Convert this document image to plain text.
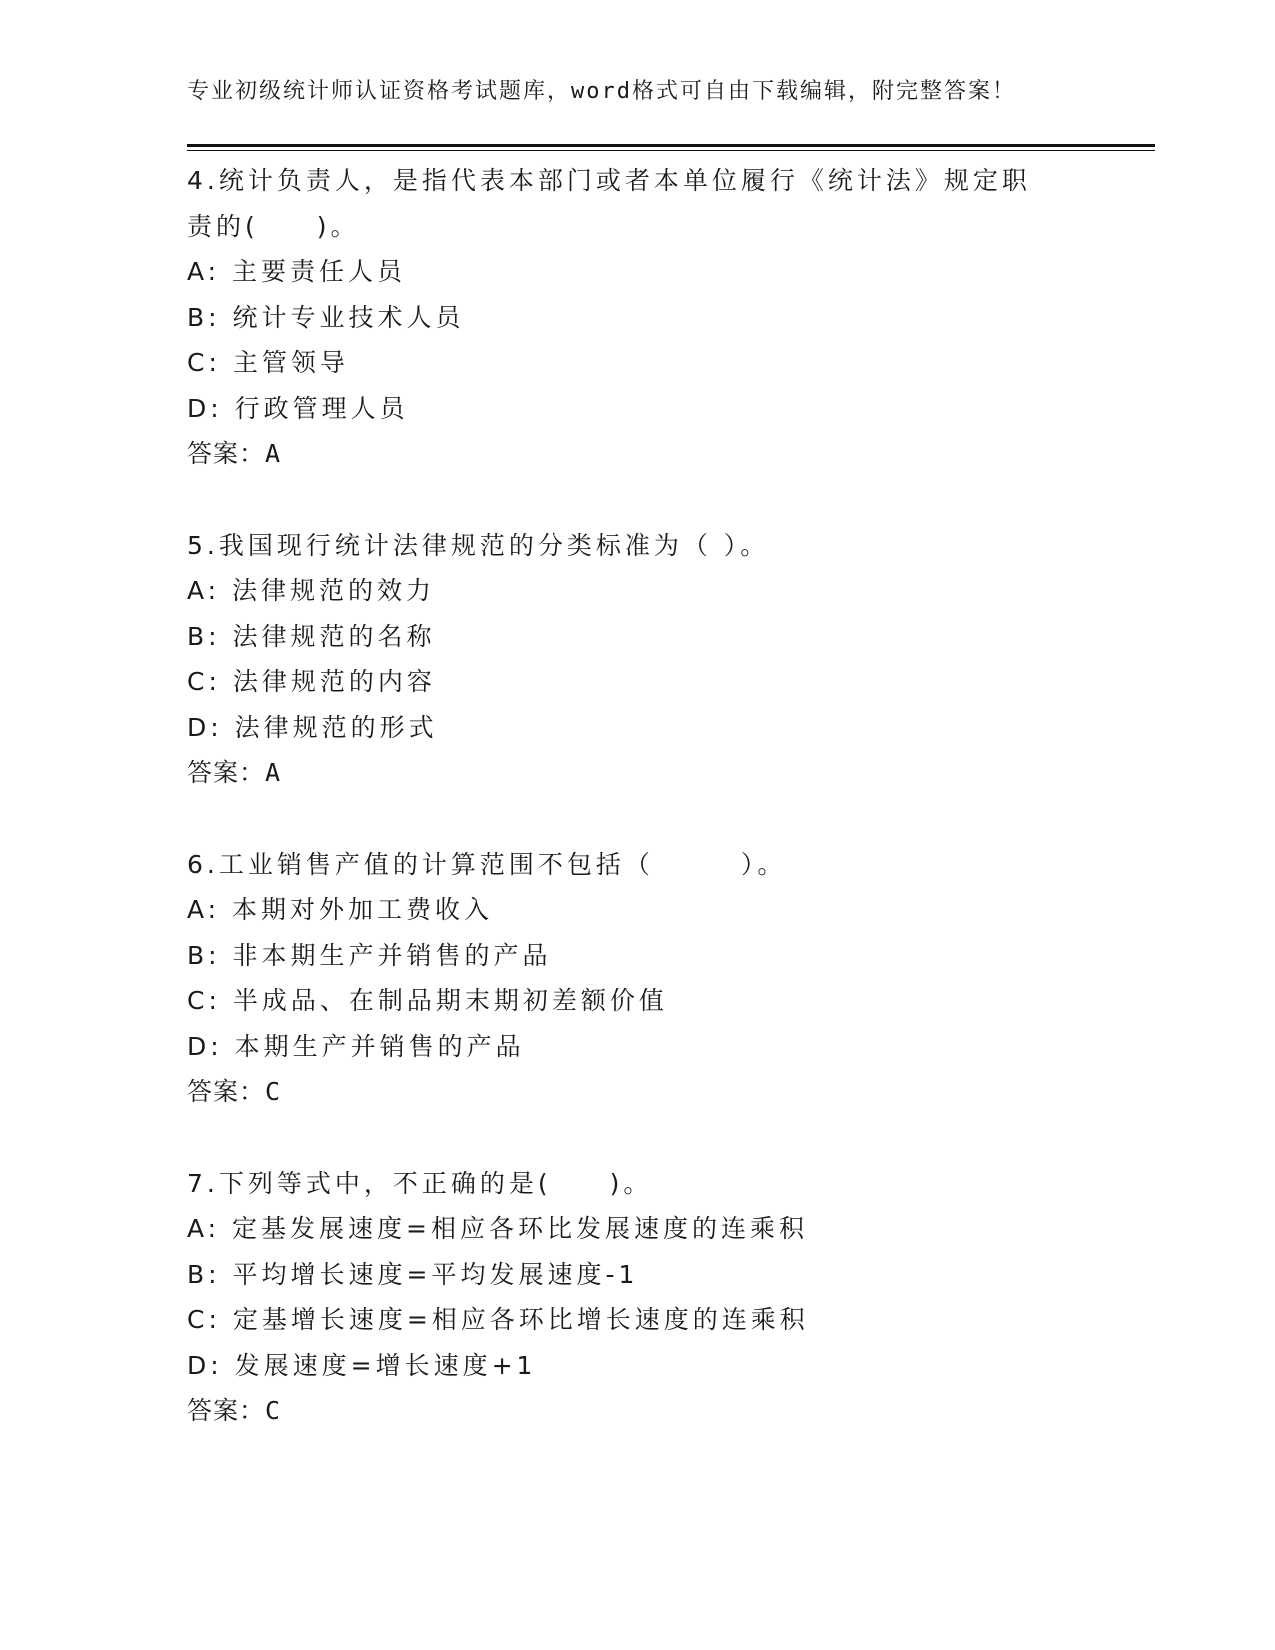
专业初级统计师认证资格考试题库，word格式可自由下载编辑，附完整答案！
4.统计负责人，是指代表本部门或者本单位履行《统计法》规定职责的(　　)。
A: 主要责任人员
B: 统计专业技术人员
C: 主管领导
D: 行政管理人员
答案：A
5.我国现行统计法律规范的分类标准为（ ）。
A: 法律规范的效力
B: 法律规范的名称
C: 法律规范的内容
D: 法律规范的形式
答案：A
6.工业销售产值的计算范围不包括（　　　）。
A: 本期对外加工费收入
B: 非本期生产并销售的产品
C: 半成品、在制品期末期初差额价值
D: 本期生产并销售的产品
答案：C
7.下列等式中，不正确的是(　　)。
A: 定基发展速度=相应各环比发展速度的连乘积
B: 平均增长速度=平均发展速度-1
C: 定基增长速度=相应各环比增长速度的连乘积
D: 发展速度=增长速度+1
答案：C
